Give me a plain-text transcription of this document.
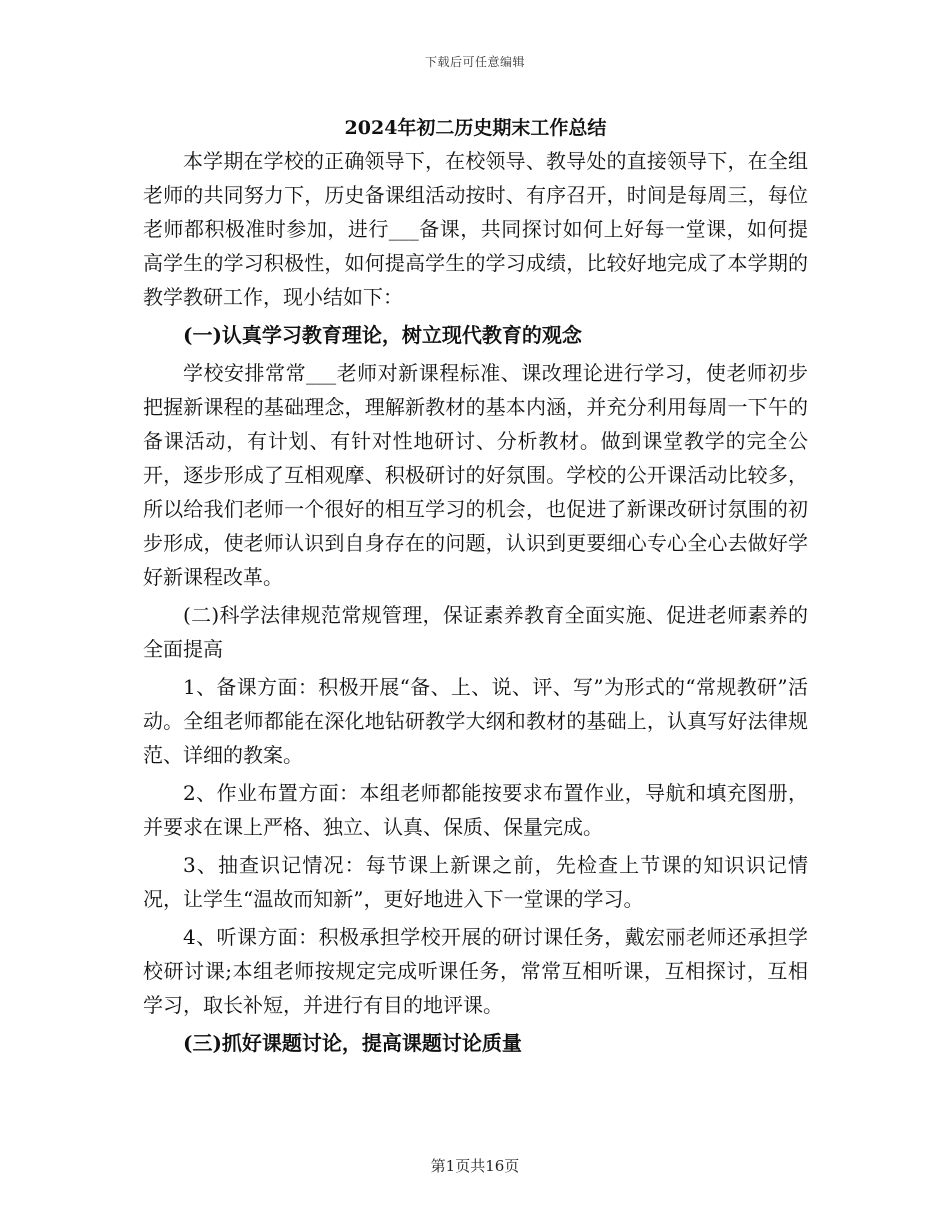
下载后可任意编辑

2024年初二历史期末工作总结

本学期在学校的正确领导下，在校领导、教导处的直接领导下，在全组老师的共同努力下，历史备课组活动按时、有序召开，时间是每周三，每位老师都积极准时参加，进行___备课，共同探讨如何上好每一堂课，如何提高学生的学习积极性，如何提高学生的学习成绩，比较好地完成了本学期的教学教研工作，现小结如下：

(一)认真学习教育理论，树立现代教育的观念

学校安排常常___老师对新课程标准、课改理论进行学习，使老师初步把握新课程的基础理念，理解新教材的基本内涵，并充分利用每周一下午的备课活动，有计划、有针对性地研讨、分析教材。做到课堂教学的完全公开，逐步形成了互相观摩、积极研讨的好氛围。学校的公开课活动比较多，所以给我们老师一个很好的相互学习的机会，也促进了新课改研讨氛围的初步形成，使老师认识到自身存在的问题，认识到更要细心专心全心去做好学好新课程改革。

(二)科学法律规范常规管理，保证素养教育全面实施、促进老师素养的全面提高

1、备课方面：积极开展“备、上、说、评、写”为形式的“常规教研”活动。全组老师都能在深化地钻研教学大纲和教材的基础上，认真写好法律规范、详细的教案。

2、作业布置方面：本组老师都能按要求布置作业，导航和填充图册，并要求在课上严格、独立、认真、保质、保量完成。

3、抽查识记情况：每节课上新课之前，先检查上节课的知识识记情况，让学生“温故而知新”，更好地进入下一堂课的学习。

4、听课方面：积极承担学校开展的研讨课任务，戴宏丽老师还承担学校研讨课;本组老师按规定完成听课任务，常常互相听课，互相探讨，互相学习，取长补短，并进行有目的地评课。

(三)抓好课题讨论，提高课题讨论质量

第1页共16页
